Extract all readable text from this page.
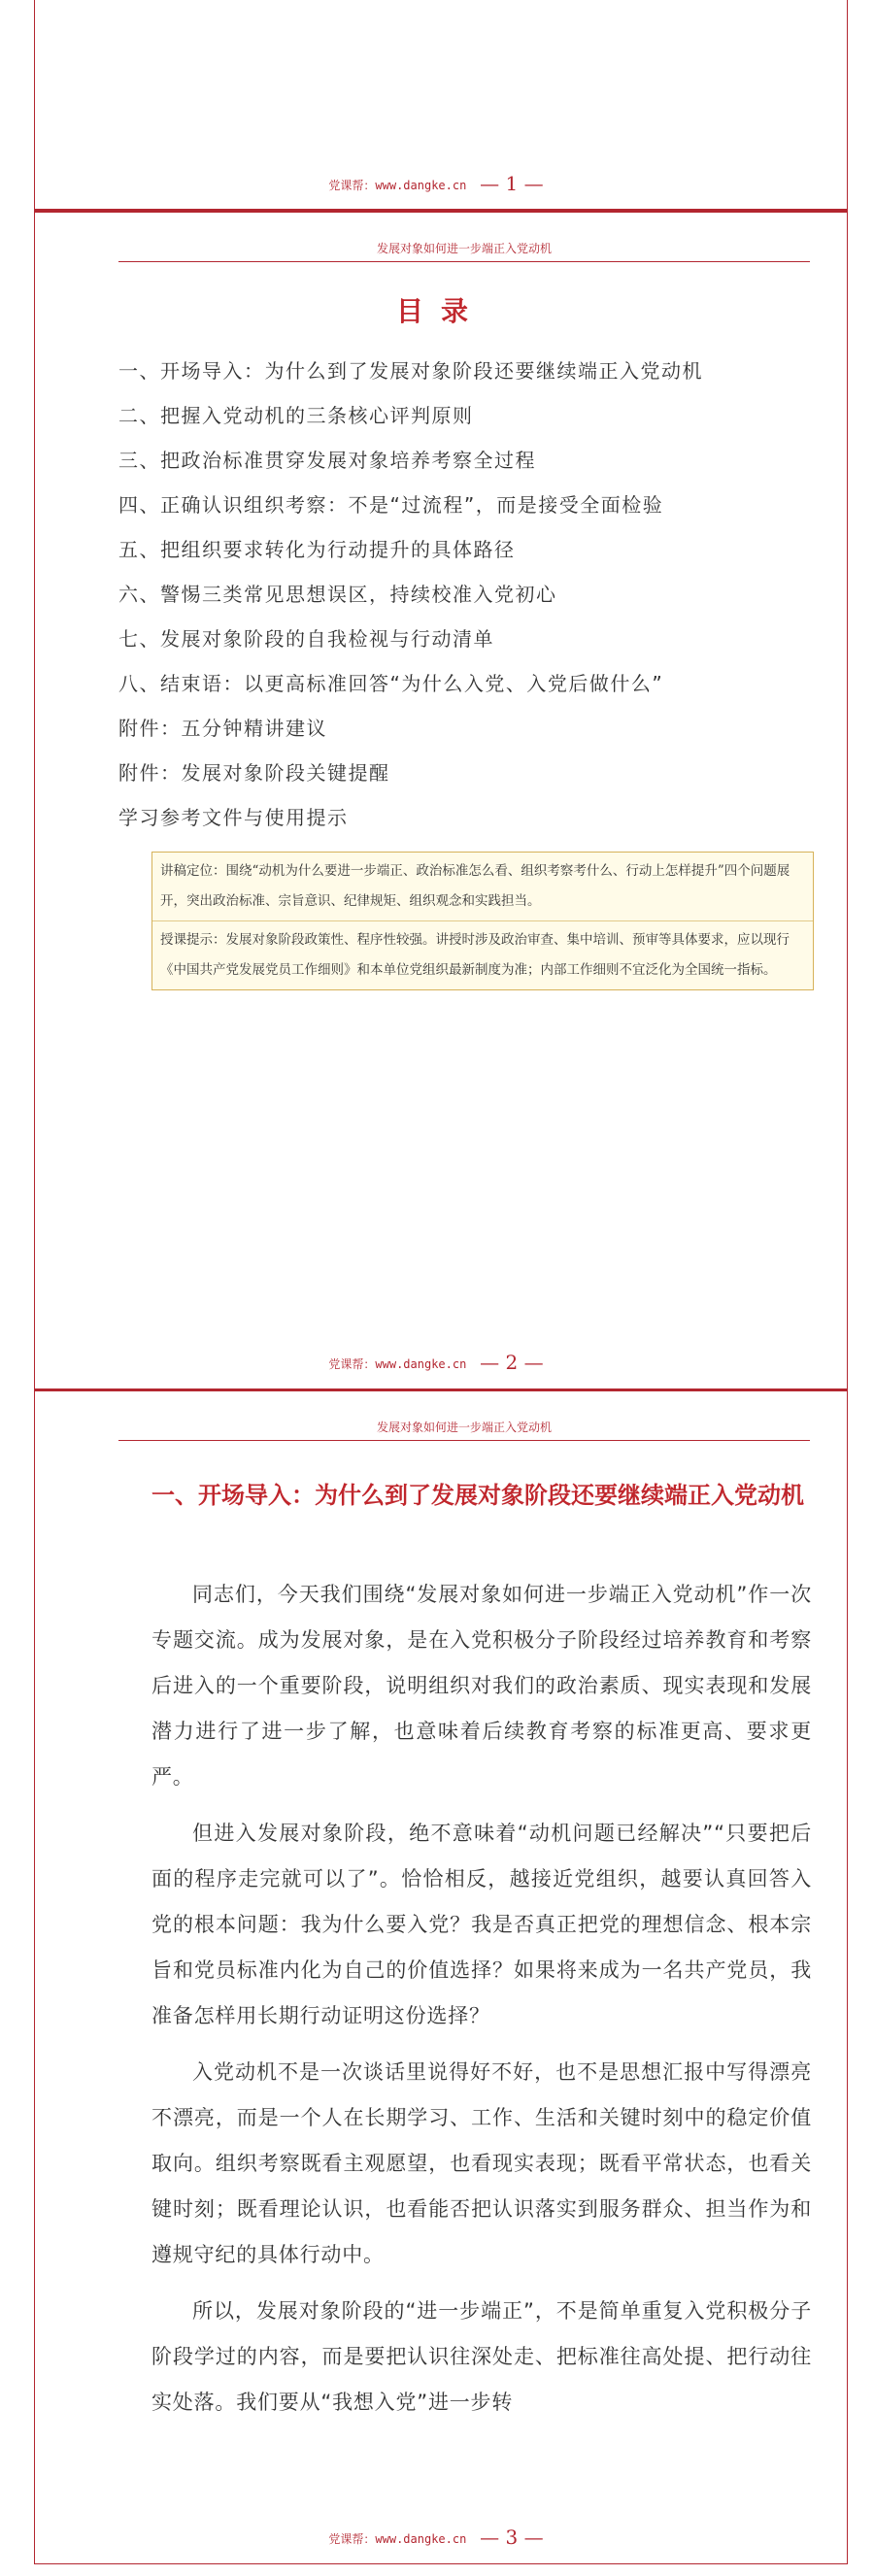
党课帮：www.dangke.cn — 1 —
发展对象如何进一步端正入党动机
目录
一、开场导入：为什么到了发展对象阶段还要继续端正入党动机
二、把握入党动机的三条核心评判原则
三、把政治标准贯穿发展对象培养考察全过程
四、正确认识组织考察：不是“过流程”，而是接受全面检验
五、把组织要求转化为行动提升的具体路径
六、警惕三类常见思想误区，持续校准入党初心
七、发展对象阶段的自我检视与行动清单
八、结束语：以更高标准回答“为什么入党、入党后做什么”
附件：五分钟精讲建议
附件：发展对象阶段关键提醒
学习参考文件与使用提示

讲稿定位：围绕“动机为什么要进一步端正、政治标准怎么看、组织考察考什么、行动上怎样提升”四个问题展开，突出政治标准、宗旨意识、纪律规矩、组织观念和实践担当。

授课提示：发展对象阶段政策性、程序性较强。讲授时涉及政治审查、集中培训、预审等具体要求，应以现行《中国共产党发展党员工作细则》和本单位党组织最新制度为准；内部工作细则不宜泛化为全国统一指标。

党课帮：www.dangke.cn — 2 —
发展对象如何进一步端正入党动机
一、开场导入：为什么到了发展对象阶段还要继续端正入党动机

同志们，今天我们围绕“发展对象如何进一步端正入党动机”作一次专题交流。成为发展对象，是在入党积极分子阶段经过培养教育和考察后进入的一个重要阶段，说明组织对我们的政治素质、现实表现和发展潜力进行了进一步了解，也意味着后续教育考察的标准更高、要求更严。

但进入发展对象阶段，绝不意味着“动机问题已经解决”“只要把后面的程序走完就可以了”。恰恰相反，越接近党组织，越要认真回答入党的根本问题：我为什么要入党？我是否真正把党的理想信念、根本宗旨和党员标准内化为自己的价值选择？如果将来成为一名共产党员，我准备怎样用长期行动证明这份选择？

入党动机不是一次谈话里说得好不好，也不是思想汇报中写得漂亮不漂亮，而是一个人在长期学习、工作、生活和关键时刻中的稳定价值取向。组织考察既看主观愿望，也看现实表现；既看平常状态，也看关键时刻；既看理论认识，也看能否把认识落实到服务群众、担当作为和遵规守纪的具体行动中。

所以，发展对象阶段的“进一步端正”，不是简单重复入党积极分子阶段学过的内容，而是要把认识往深处走、把标准往高处提、把行动往实处落。我们要从“我想入党”进一步转

党课帮：www.dangke.cn — 3 —
